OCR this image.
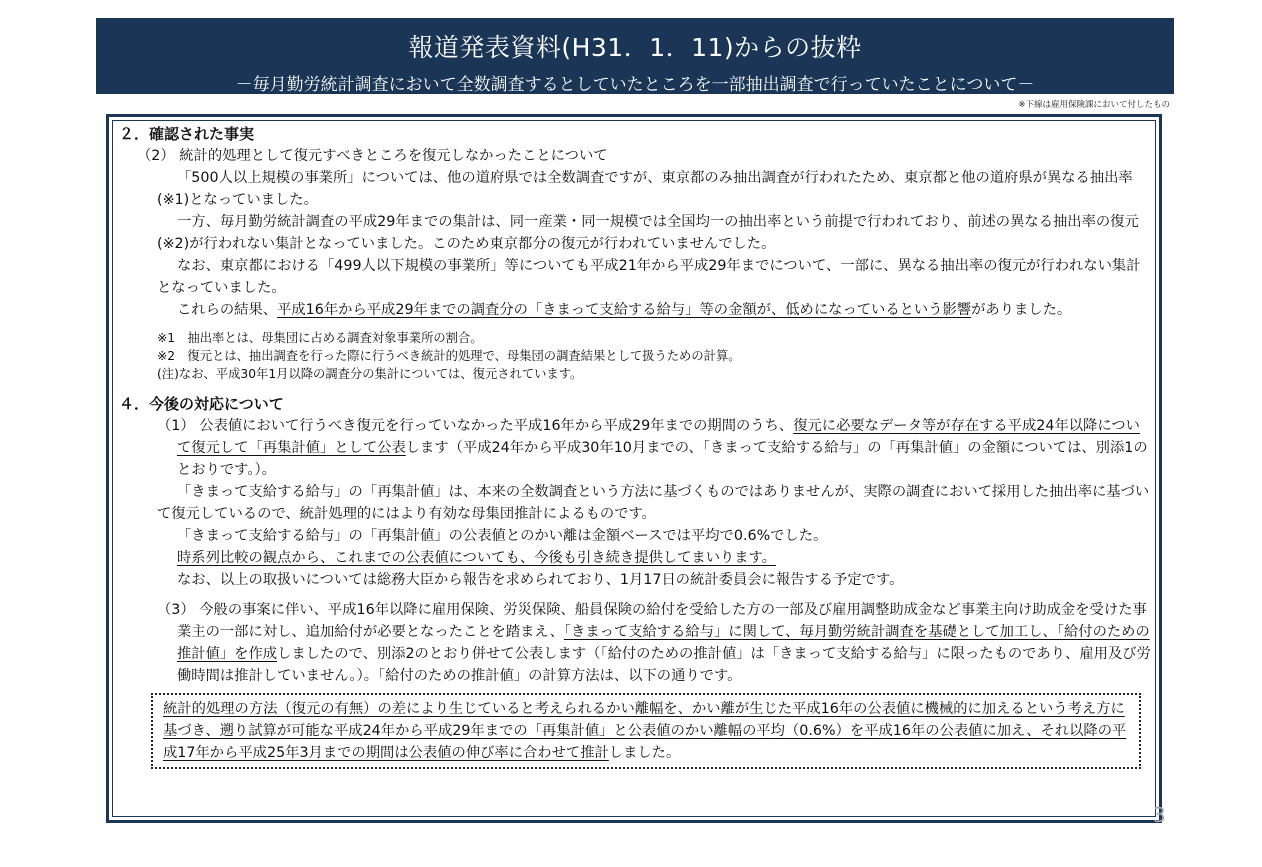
報道発表資料(H31．1．11)からの抜粋
－毎月勤労統計調査において全数調査するとしていたところを一部抽出調査で行っていたことについて－
※下線は雇用保険課において付したもの
２．確認された事実

（2） 統計的処理として復元すべきところを復元しなかったことについて

「500人以上規模の事業所」については、他の道府県では全数調査ですが、東京都のみ抽出調査が行われたため、東京都と他の道府県が異なる抽出率(※1)となっていました。

一方、毎月勤労統計調査の平成29年までの集計は、同一産業・同一規模では全国均一の抽出率という前提で行われており、前述の異なる抽出率の復元(※2)が行われない集計となっていました。このため東京都分の復元が行われていませんでした。

なお、東京都における「499人以下規模の事業所」等についても平成21年から平成29年までについて、一部に、異なる抽出率の復元が行われない集計となっていました。

これらの結果、平成16年から平成29年までの調査分の「きまって支給する給与」等の金額が、低めになっているという影響がありました。

※1　抽出率とは、母集団に占める調査対象事業所の割合。

※2　復元とは、抽出調査を行った際に行うべき統計的処理で、母集団の調査結果として扱うための計算。

(注)なお、平成30年1月以降の調査分の集計については、復元されています。

４．今後の対応について

（1） 公表値において行うべき復元を行っていなかった平成16年から平成29年までの期間のうち、復元に必要なデータ等が存在する平成24年以降について復元して「再集計値」として公表します（平成24年から平成30年10月までの、「きまって支給する給与」の「再集計値」の金額については、別添1のとおりです。）。

「きまって支給する給与」の「再集計値」は、本来の全数調査という方法に基づくものではありませんが、実際の調査において採用した抽出率に基づいて復元しているので、統計処理的にはより有効な母集団推計によるものです。

「きまって支給する給与」の「再集計値」の公表値とのかい離は金額ベースでは平均で0.6%でした。

時系列比較の観点から、これまでの公表値についても、今後も引き続き提供してまいります。

なお、以上の取扱いについては総務大臣から報告を求められており、1月17日の統計委員会に報告する予定です。

（3） 今般の事案に伴い、平成16年以降に雇用保険、労災保険、船員保険の給付を受給した方の一部及び雇用調整助成金など事業主向け助成金を受けた事業主の一部に対し、追加給付が必要となったことを踏まえ、「きまって支給する給与」に関して、毎月勤労統計調査を基礎として加工し、「給付のための推計値」を作成しましたので、別添2のとおり併せて公表します（「給付のための推計値」は「きまって支給する給与」に限ったものであり、雇用及び労働時間は推計していません。）。「給付のための推計値」の計算方法は、以下の通りです。

統計的処理の方法（復元の有無）の差により生じていると考えられるかい離幅を、かい離が生じた平成16年の公表値に機械的に加えるという考え方に基づき、遡り試算が可能な平成24年から平成29年までの「再集計値」と公表値のかい離幅の平均（0.6%）を平成16年の公表値に加え、それ以降の平成17年から平成25年3月までの期間は公表値の伸び率に合わせて推計しました。
3
